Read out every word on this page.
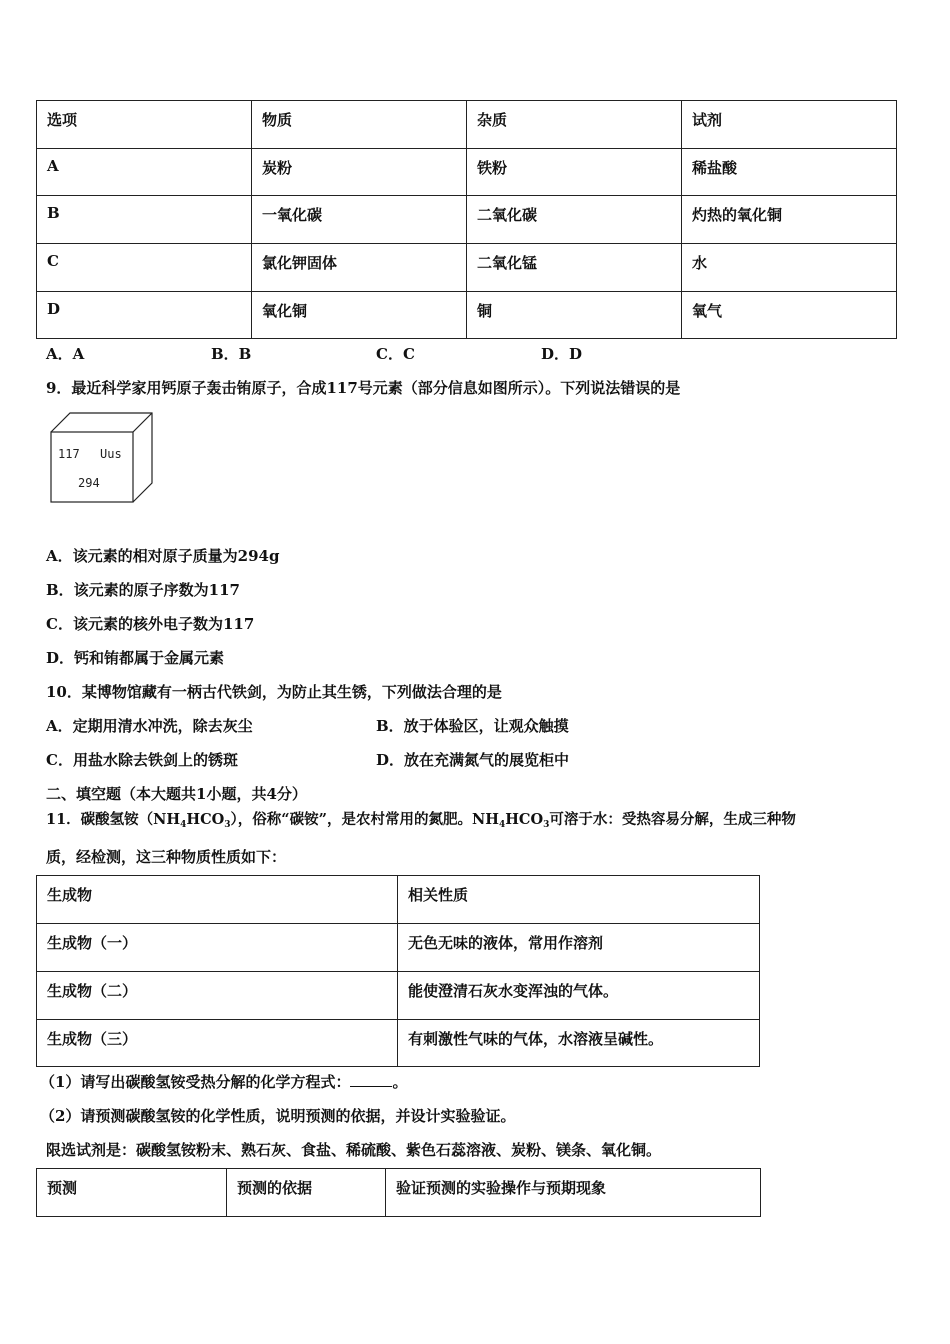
选项	物质	杂质	试剂
A	炭粉	铁粉	稀盐酸
B	一氧化碳	二氧化碳	灼热的氧化铜
C	氯化钾固体	二氧化锰	水
D	氧化铜	铜	氧气
A．A	B．B	C．C	D．D
9．最近科学家用钙原子轰击铕原子，合成117号元素（部分信息如图所示）。下列说法错误的是
117 Uus
294
A．该元素的相对原子质量为294g
B．该元素的原子序数为117
C．该元素的核外电子数为117
D．钙和铕都属于金属元素
10．某博物馆藏有一柄古代铁剑，为防止其生锈，下列做法合理的是
A．定期用清水冲洗，除去灰尘	B．放于体验区，让观众触摸
C．用盐水除去铁剑上的锈斑	D．放在充满氮气的展览柜中
二、填空题（本大题共1小题，共4分）
11．碳酸氢铵$(NH_4HCO_3)$，俗称“碳铵”，是农村常用的氮肥。$NH_4HCO_3$可溶于水：受热容易分解，生成三种物
质，经检测，这三种物质性质如下：
生成物	相关性质
生成物（一）	无色无味的液体，常用作溶剂
生成物（二）	能使澄清石灰水变浑浊的气体。
生成物（三）	有刺激性气味的气体，水溶液呈碱性。
（1）请写出碳酸氢铵受热分解的化学方程式：	。
（2）请预测碳酸氢铵的化学性质，说明预测的依据，并设计实验验证。
限选试剂是：碳酸氢铵粉末、熟石灰、食盐、稀硫酸、紫色石蕊溶液、炭粉、镁条、氧化铜。
预测	预测的依据	验证预测的实验操作与预期现象
